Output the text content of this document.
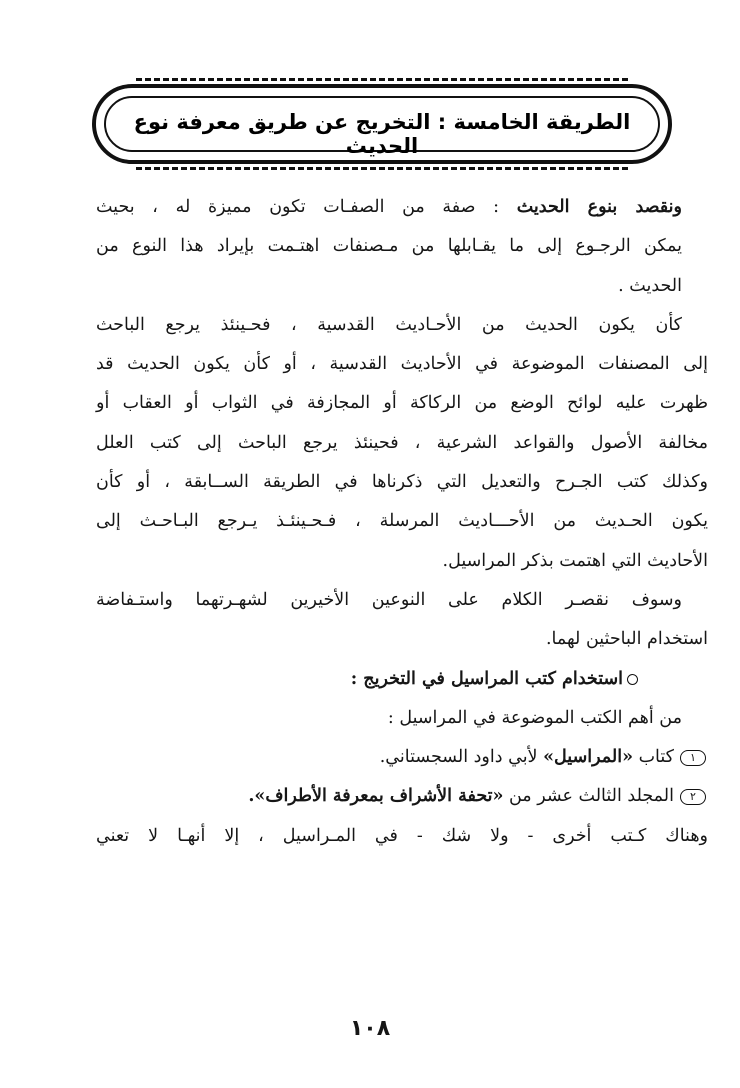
الطريقة الخامسة : التخريج عن طريق معرفة نوع الحديث

ونقصد بنوع الحديث : صفة من الصفـات تكون مميزة له ، بحيث
يمكن الرجـوع إلى ما يقـابلها من مـصنفات اهتـمت بإيراد هذا النوع من
الحديث .

كأن يكون الحديث من الأحـاديث القدسية ، فحـينئذ يرجع الباحث
إلى المصنفات الموضوعة في الأحاديث القدسية ، أو كأن يكون الحديث قد
ظهرت عليه لوائح الوضع من الركاكة أو المجازفة في الثواب أو العقاب أو
مخالفة الأصول والقواعد الشرعية ، فحينئذ يرجع الباحث إلى كتب العلل
وكذلك كتب الجـرح والتعديل التي ذكرناها في الطريقة الســابقة ، أو كأن
يكون الحـديث من الأحـــاديث المرسلة ، فـحـينئـذ يـرجع البـاحـث إلى
الأحاديث التي اهتمت بذكر المراسيل.

وسوف نقصـر الكلام على النوعين الأخيرين لشهـرتهما واستـفاضة
استخدام الباحثين لهما.

استخدام كتب المراسيل في التخريج :

من أهم الكتب الموضوعة في المراسيل :

١كتاب «المراسيل» لأبي داود السجستاني.

٢المجلد الثالث عشر من «تحفة الأشراف بمعرفة الأطراف».

وهناك كـتب أخرى - ولا شك - في المـراسيل ، إلا أنهـا لا تعني

١٠٨
